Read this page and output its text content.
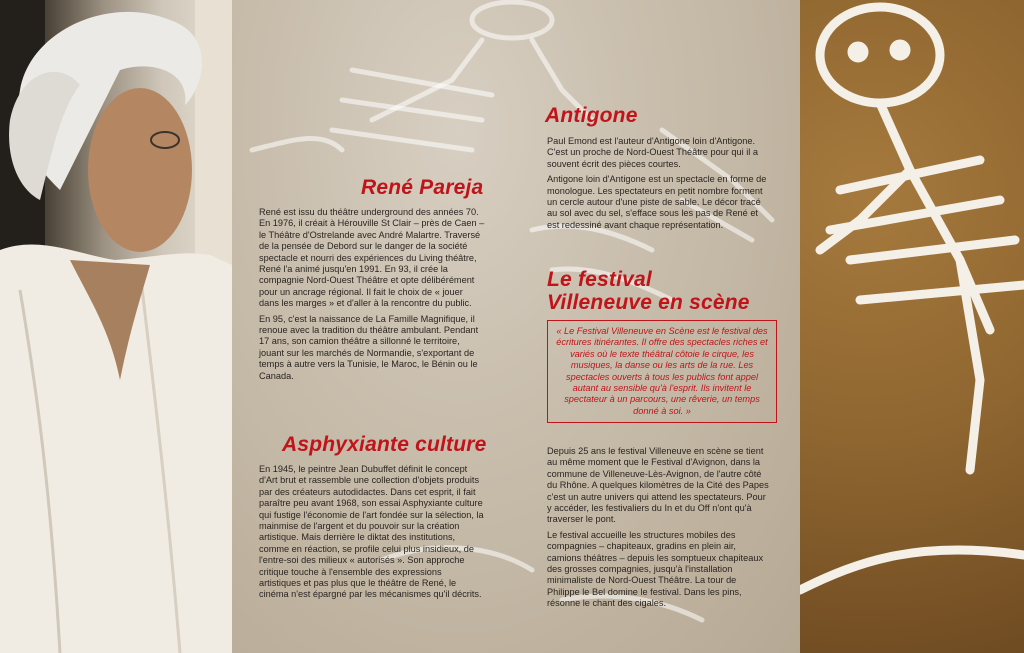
René Pareja

René est issu du théâtre underground des années 70. En 1976, il créait à Hérouville St Clair – près de Caen – le Théâtre d'Ostrelande avec André Malartre. Traversé de la pensée de Debord sur le danger de la société spectacle et nourri des expériences du Living théâtre, René l'a animé jusqu'en 1991. En 93, il crée la compagnie Nord-Ouest Théâtre et opte délibérément pour un ancrage régional. Il fait le choix de « jouer dans les marges » et d'aller à la rencontre du public.

En 95, c'est la naissance de La Famille Magnifique, il renoue avec la tradition du théâtre ambulant. Pendant 17 ans, son camion théâtre a sillonné le territoire, jouant sur les marchés de Normandie, s'exportant de temps à autre vers la Tunisie, le Maroc, le Bénin ou le Canada.

Asphyxiante culture

En 1945, le peintre Jean Dubuffet définit le concept d'Art brut et rassemble une collection d'objets produits par des créateurs autodidactes. Dans cet esprit, il fait paraître peu avant 1968, son essai Asphyxiante culture qui fustige l'économie de l'art fondée sur la sélection, la mainmise de l'argent et du pouvoir sur la création artistique. Mais derrière le diktat des institutions, comme en réaction, se profile celui plus insidieux, de l'entre-soi des milieux « autorisés ». Son approche critique touche à l'ensemble des expressions artistiques et pas plus que le théâtre de René, le cinéma n'est épargné par les mécanismes qu'il décrits.

Antigone

Paul Emond est l'auteur d'Antigone loin d'Antigone. C'est un proche de Nord-Ouest Théâtre pour qui il a souvent écrit des pièces courtes.

Antigone loin d'Antigone est un spectacle en forme de monologue. Les spectateurs en petit nombre forment un cercle autour d'une piste de sable. Le décor tracé au sol avec du sel, s'efface sous les pas de René et est redessiné avant chaque représentation.

Le festival
Villeneuve en scène
« Le Festival Villeneuve en Scène est le festival des écritures itinérantes. Il offre des spectacles riches et variés où le texte théâtral côtoie le cirque, les musiques, la danse ou les arts de la rue. Les spectacles ouverts à tous les publics font appel autant au sensible qu'à l'esprit. Ils invitent le spectateur à un parcours, une rêverie, un temps donné à soi. »

Depuis 25 ans le festival Villeneuve en scène se tient au même moment que le Festival d'Avignon, dans la commune de Villeneuve-Lès-Avignon, de l'autre côté du Rhône. A quelques kilomètres de la Cité des Papes c'est un autre univers qui attend les spectateurs. Pour y accéder, les festivaliers du In et du Off n'ont qu'à traverser le pont.

Le festival accueille les structures mobiles des compagnies – chapiteaux, gradins en plein air, camions théâtres – depuis les somptueux chapiteaux des grosses compagnies, jusqu'à l'installation minimaliste de Nord-Ouest Théâtre. La tour de Philippe le Bel domine le festival. Dans les pins, résonne le chant des cigales.
